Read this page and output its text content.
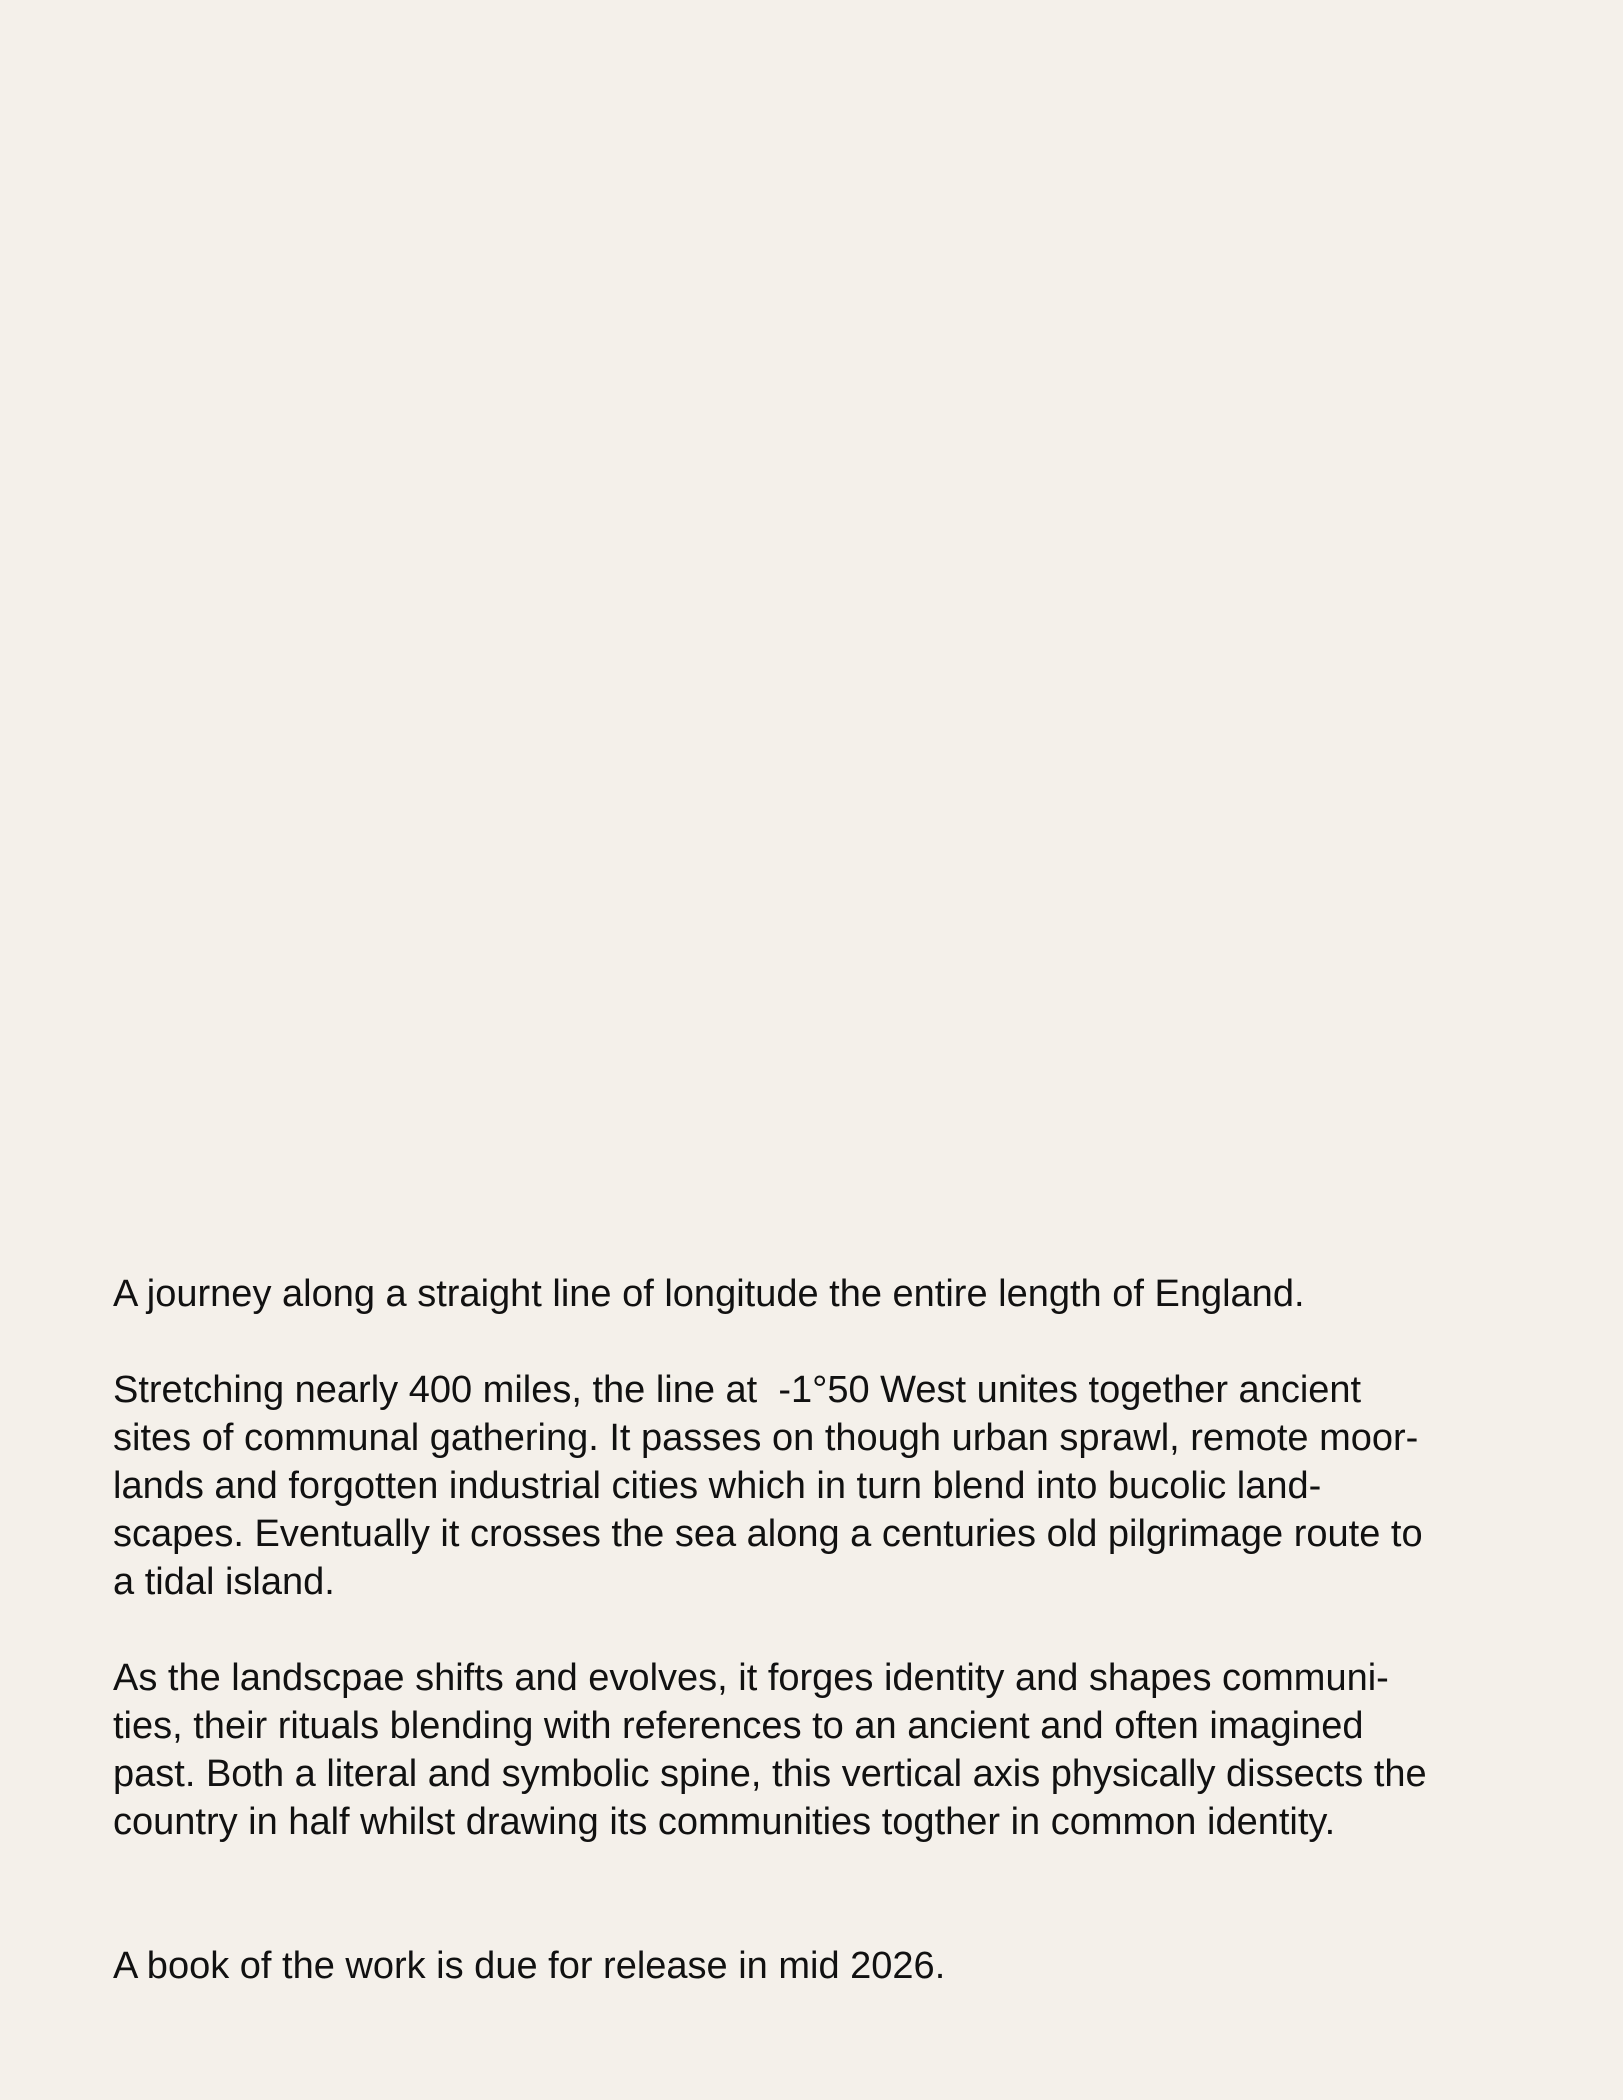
A journey along a straight line of longitude the entire length of England.

Stretching nearly 400 miles, the line at  -1°50 West unites together ancient
sites of communal gathering. It passes on though urban sprawl, remote moor-
lands and forgotten industrial cities which in turn blend into bucolic land-
scapes. Eventually it crosses the sea along a centuries old pilgrimage route to
a tidal island.

As the landscpae shifts and evolves, it forges identity and shapes communi-
ties, their rituals blending with references to an ancient and often imagined
past. Both a literal and symbolic spine, this vertical axis physically dissects the
country in half whilst drawing its communities togther in common identity.

A book of the work is due for release in mid 2026.
